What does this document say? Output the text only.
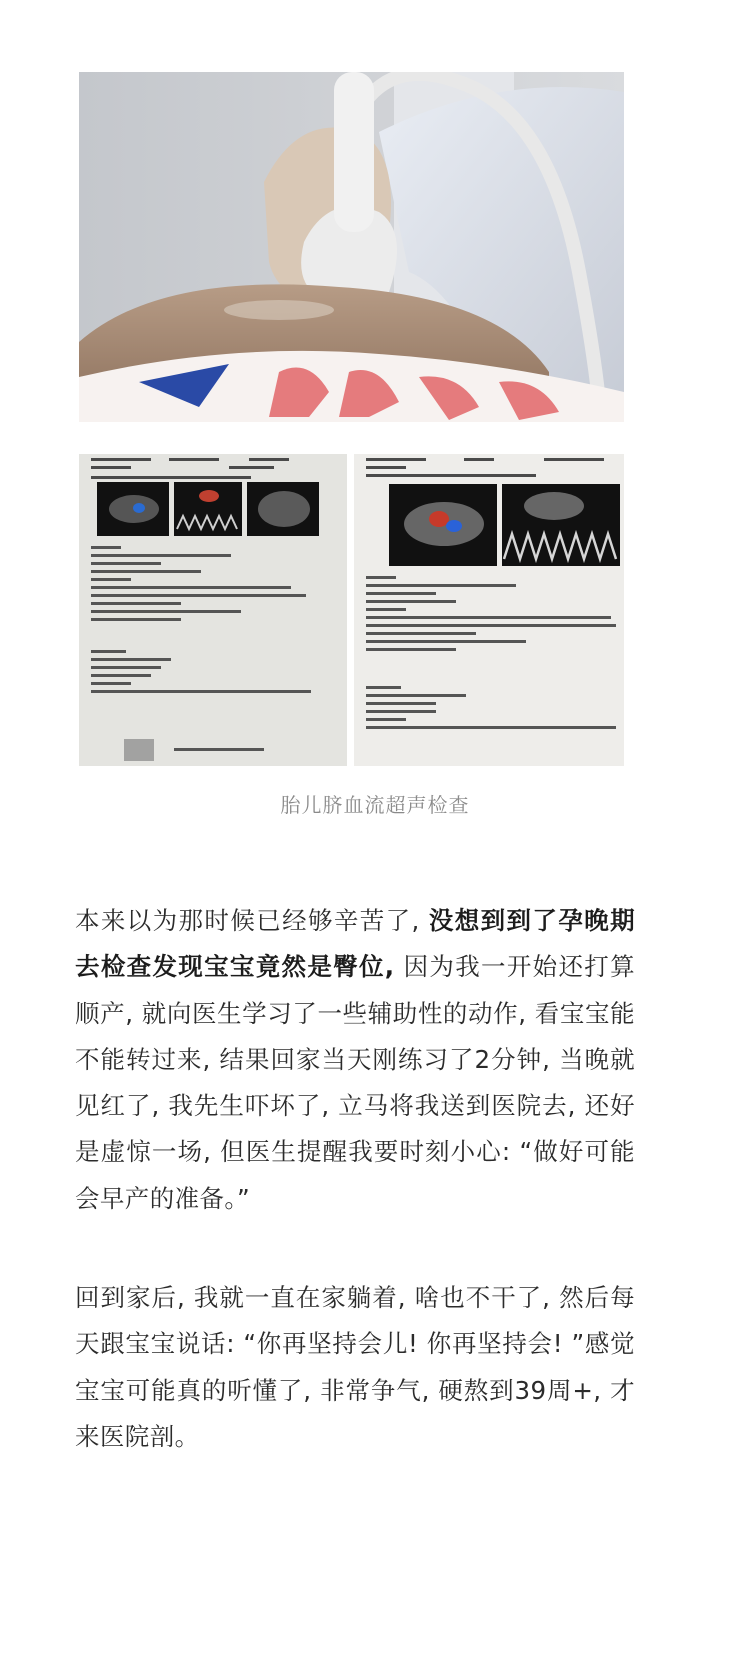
胎儿脐血流超声检查

本来以为那时候已经够辛苦了, 没想到到了孕晚期去检查发现宝宝竟然是臀位, 因为我一开始还打算顺产, 就向医生学习了一些辅助性的动作, 看宝宝能不能转过来, 结果回家当天刚练习了2分钟, 当晚就见红了, 我先生吓坏了, 立马将我送到医院去, 还好是虚惊一场, 但医生提醒我要时刻小心: “做好可能会早产的准备。”

回到家后, 我就一直在家躺着, 啥也不干了, 然后每天跟宝宝说话: “你再坚持会儿! 你再坚持会! ”感觉宝宝可能真的听懂了, 非常争气, 硬熬到39周+, 才来医院剖。
